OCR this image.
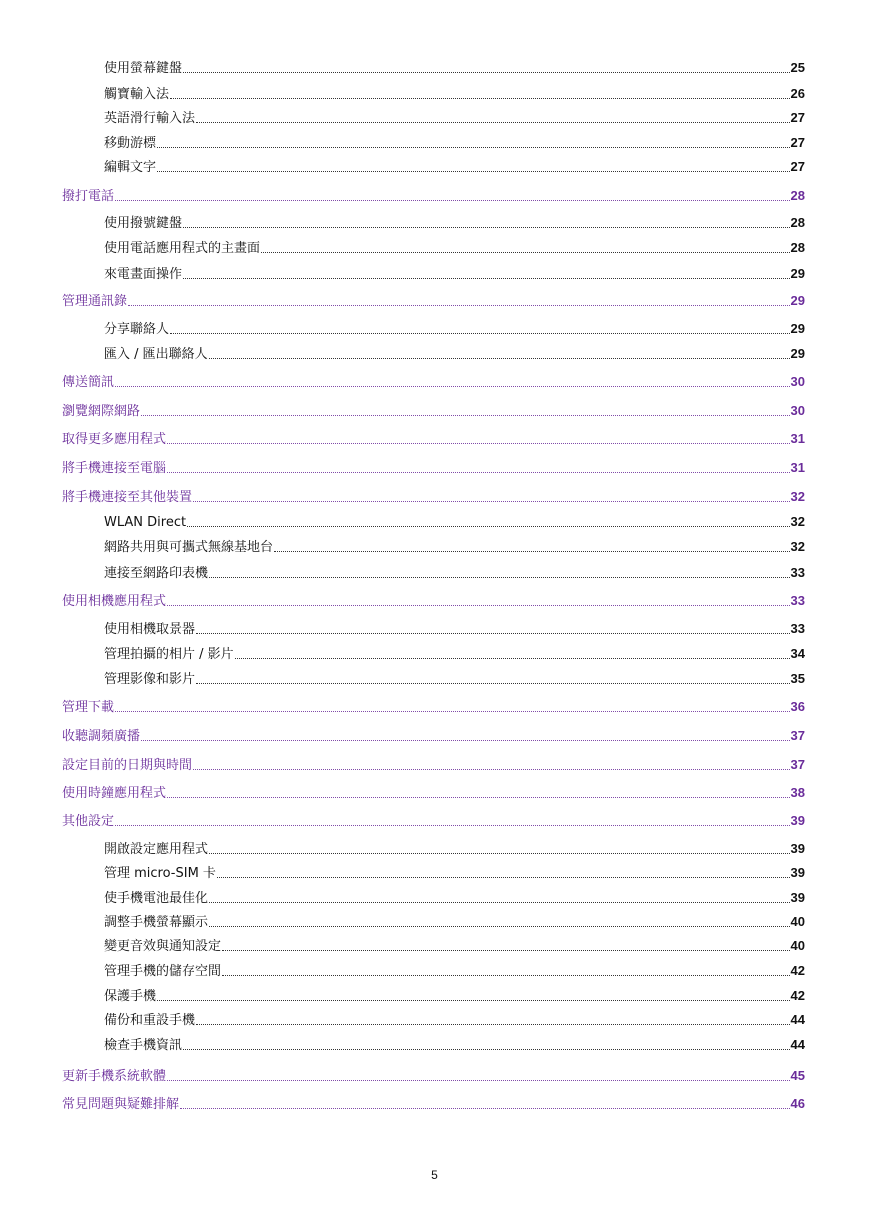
使用螢幕鍵盤	25
觸寶輸入法	26
英語滑行輸入法	27
移動游標	27
編輯文字	27
撥打電話	28
使用撥號鍵盤	28
使用電話應用程式的主畫面	28
來電畫面操作	29
管理通訊錄	29
分享聯絡人	29
匯入 / 匯出聯絡人	29
傳送簡訊	30
瀏覽網際網路	30
取得更多應用程式	31
將手機連接至電腦	31
將手機連接至其他裝置	32
WLAN Direct	32
網路共用與可攜式無線基地台	32
連接至網路印表機	33
使用相機應用程式	33
使用相機取景器	33
管理拍攝的相片 / 影片	34
管理影像和影片	35
管理下載	36
收聽調頻廣播	37
設定目前的日期與時間	37
使用時鐘應用程式	38
其他設定	39
開啟設定應用程式	39
管理 micro-SIM 卡	39
使手機電池最佳化	39
調整手機螢幕顯示	40
變更音效與通知設定	40
管理手機的儲存空間	42
保護手機	42
備份和重設手機	44
檢查手機資訊	44
更新手機系統軟體	45
常見問題與疑難排解	46
5
